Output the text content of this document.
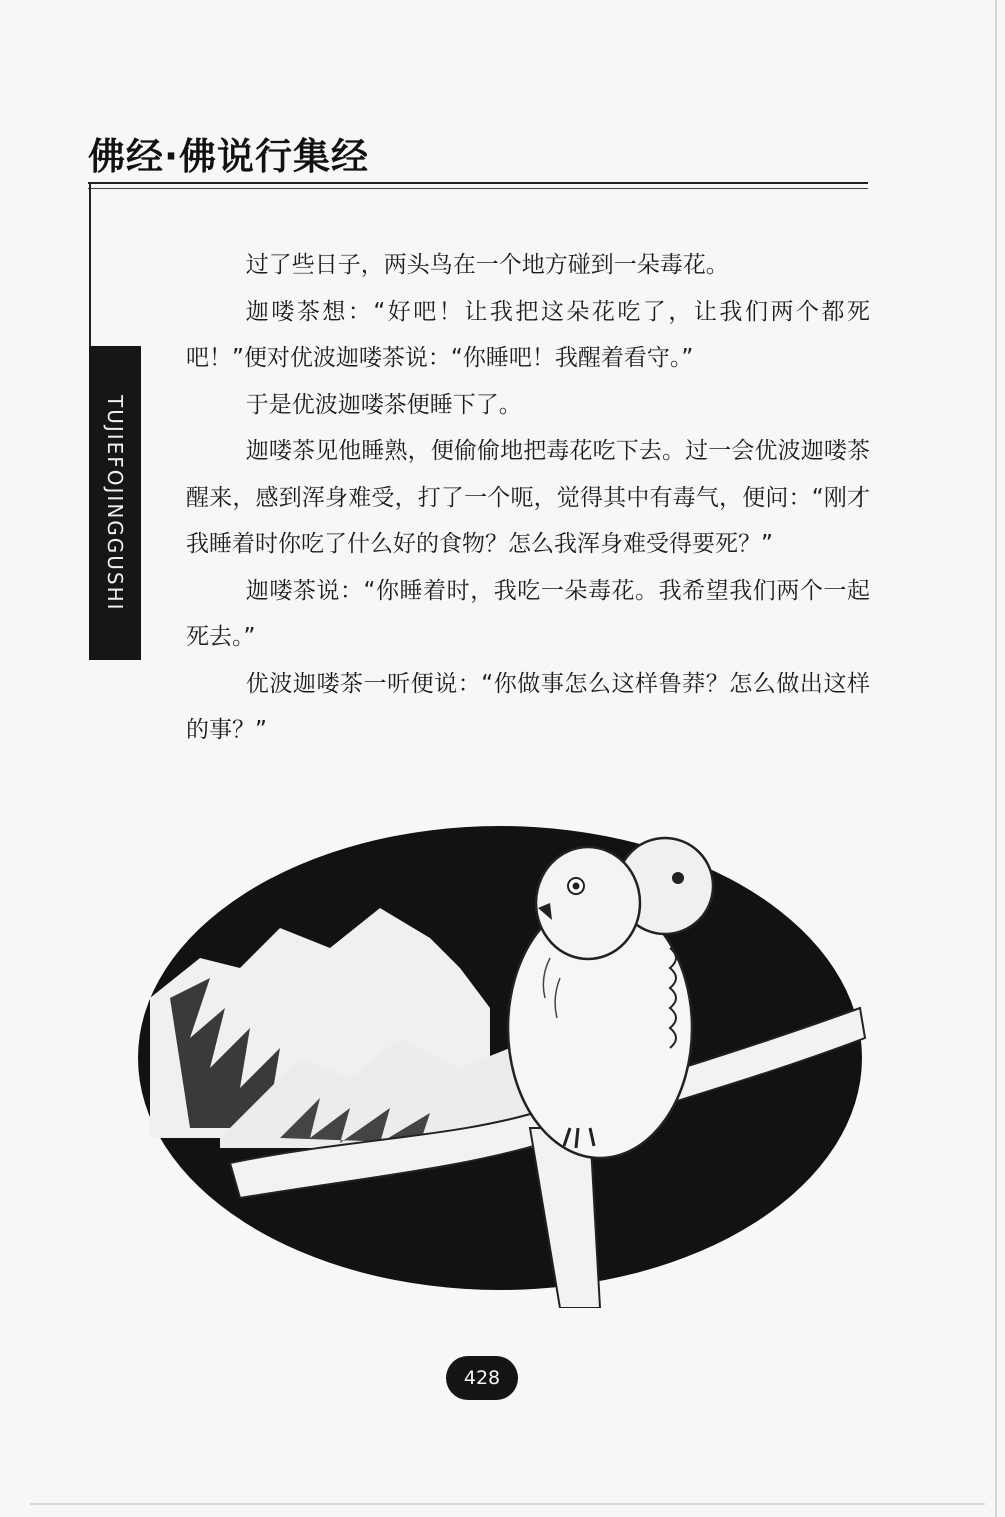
佛经·佛说行集经
TUJIEFOJINGGUSHI

过了些日子，两头鸟在一个地方碰到一朵毒花。

迦喽茶想：“好吧！让我把这朵花吃了，让我们两个都死吧！”便对优波迦喽茶说：“你睡吧！我醒着看守。”

于是优波迦喽茶便睡下了。

迦喽茶见他睡熟，便偷偷地把毒花吃下去。过一会优波迦喽茶醒来，感到浑身难受，打了一个呃，觉得其中有毒气，便问：“刚才我睡着时你吃了什么好的食物？怎么我浑身难受得要死？”

迦喽茶说：“你睡着时，我吃一朵毒花。我希望我们两个一起死去。”

优波迦喽茶一听便说：“你做事怎么这样鲁莽？怎么做出这样的事？”

428
